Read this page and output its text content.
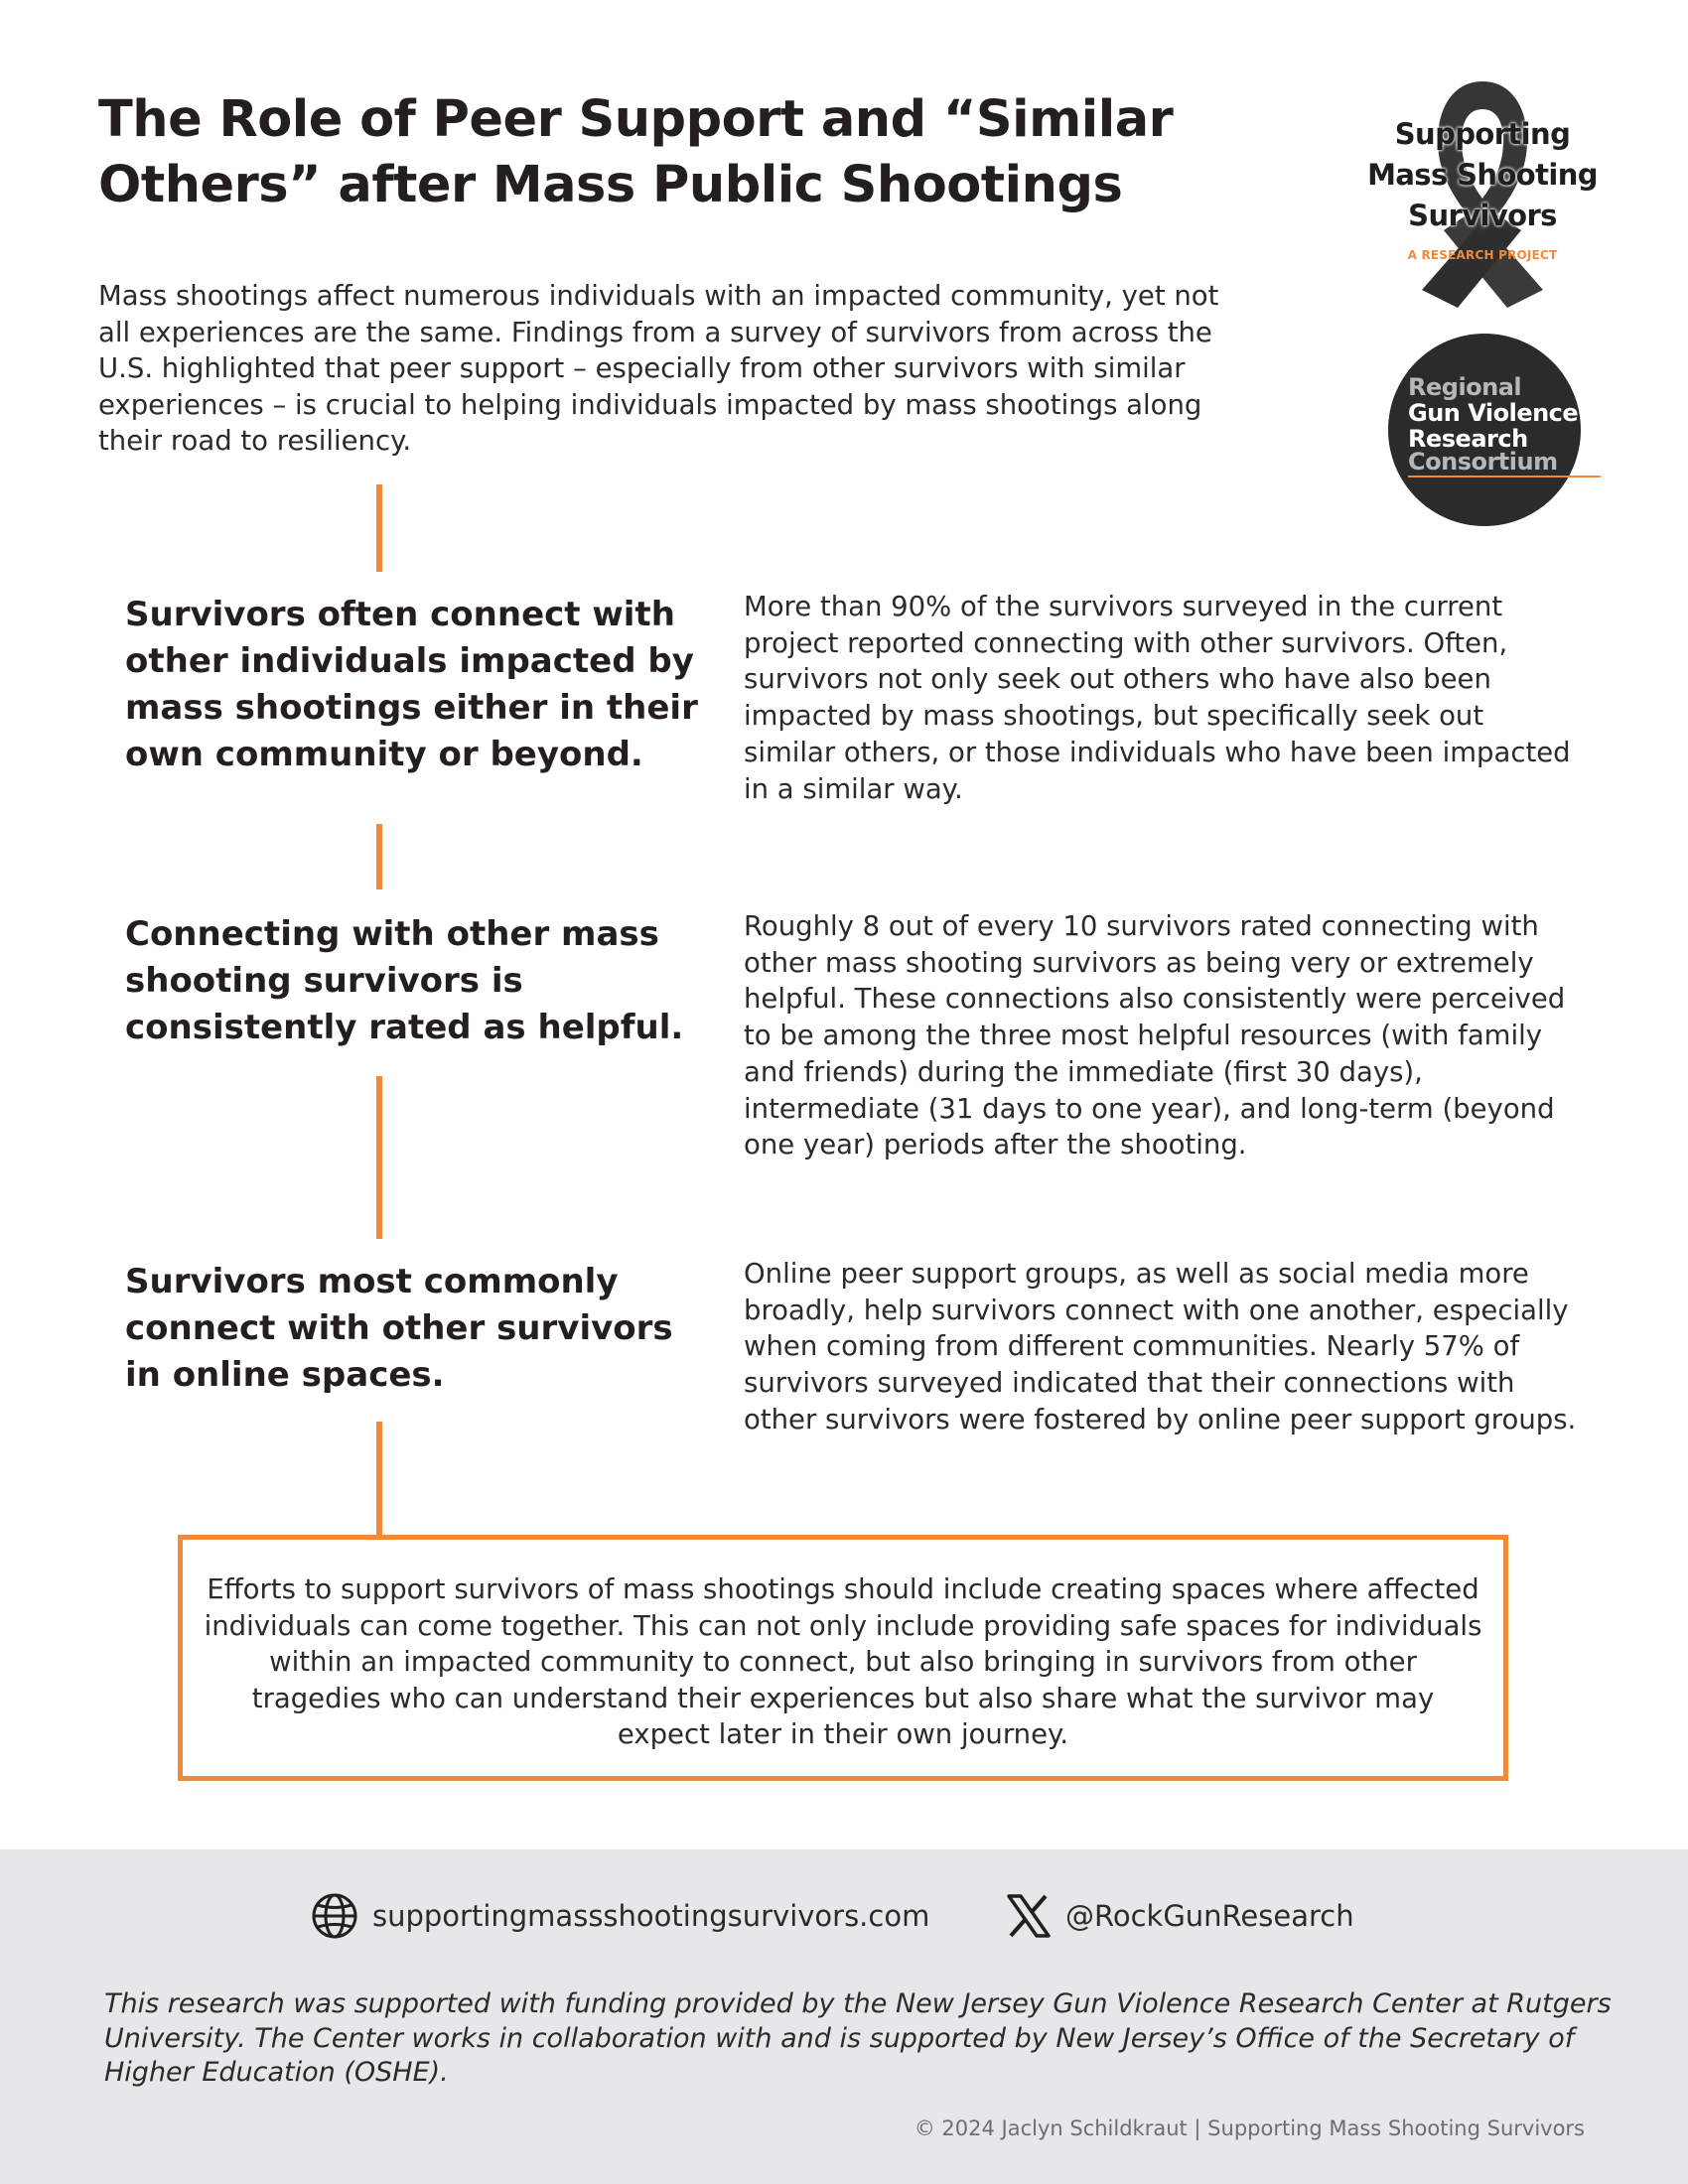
The Role of Peer Support and “Similar Others” after Mass Public Shootings
Supporting
Mass Shooting
Survivors
A RESEARCH PROJECT
Regional
Gun Violence
Research
Consortium

Mass shootings affect numerous individuals with an impacted community, yet not all experiences are the same. Findings from a survey of survivors from across the U.S. highlighted that peer support – especially from other survivors with similar experiences – is crucial to helping individuals impacted by mass shootings along their road to resiliency.

Survivors often connect with other individuals impacted by mass shootings either in their own community or beyond.

More than 90% of the survivors surveyed in the current project reported connecting with other survivors. Often, survivors not only seek out others who have also been impacted by mass shootings, but specifically seek out similar others, or those individuals who have been impacted in a similar way.

Connecting with other mass shooting survivors is consistently rated as helpful.

Roughly 8 out of every 10 survivors rated connecting with other mass shooting survivors as being very or extremely helpful. These connections also consistently were perceived to be among the three most helpful resources (with family and friends) during the immediate (first 30 days), intermediate (31 days to one year), and long-term (beyond one year) periods after the shooting.

Survivors most commonly connect with other survivors in online spaces.

Online peer support groups, as well as social media more broadly, help survivors connect with one another, especially when coming from different communities. Nearly 57% of survivors surveyed indicated that their connections with other survivors were fostered by online peer support groups.

Efforts to support survivors of mass shootings should include creating spaces where affected individuals can come together. This can not only include providing safe spaces for individuals within an impacted community to connect, but also bringing in survivors from other tragedies who can understand their experiences but also share what the survivor may expect later in their own journey.

supportingmassshootingsurvivors.com	@RockGunResearch

This research was supported with funding provided by the New Jersey Gun Violence Research Center at Rutgers University. The Center works in collaboration with and is supported by New Jersey’s Office of the Secretary of Higher Education (OSHE).

© 2024 Jaclyn Schildkraut | Supporting Mass Shooting Survivors
